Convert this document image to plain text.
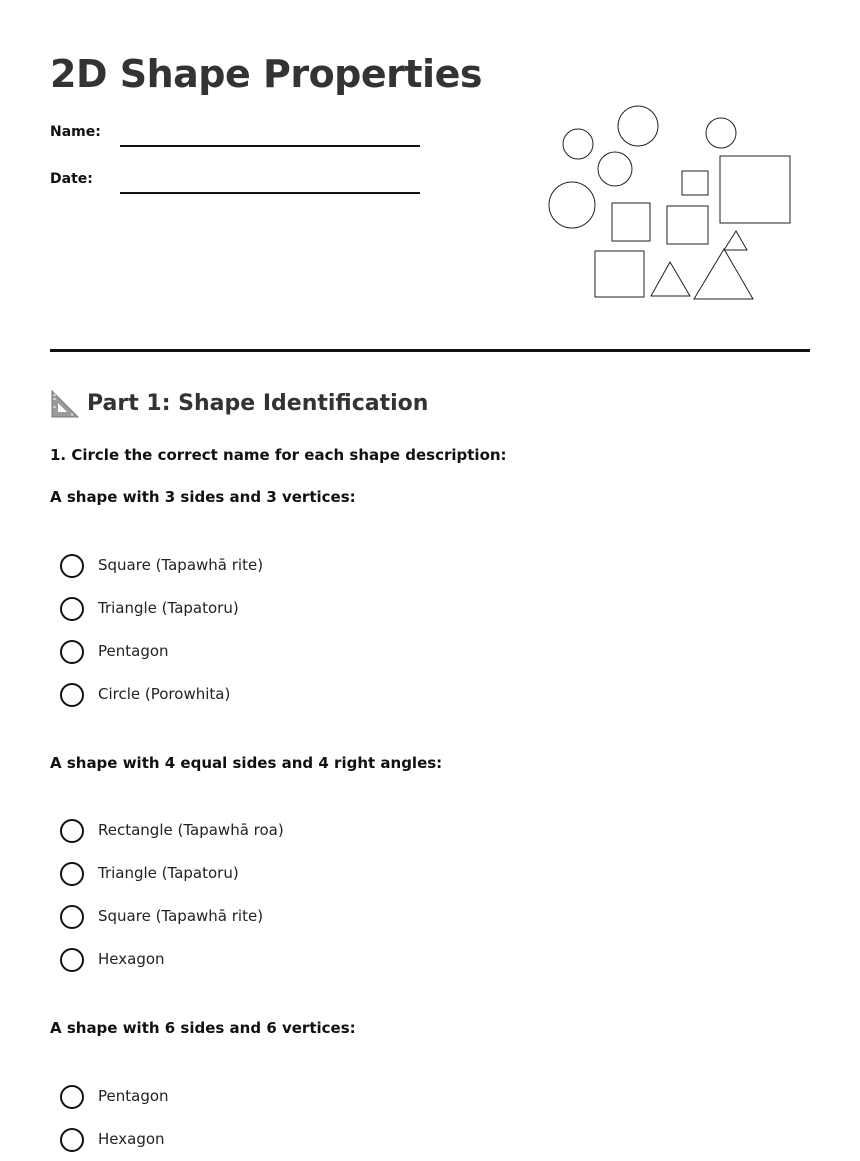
2D Shape Properties
Name:
Date:
Part 1: Shape Identification
1. Circle the correct name for each shape description:
A shape with 3 sides and 3 vertices:
Square (Tapawhā rite)
Triangle (Tapatoru)
Pentagon
Circle (Porowhita)
A shape with 4 equal sides and 4 right angles:
Rectangle (Tapawhā roa)
Triangle (Tapatoru)
Square (Tapawhā rite)
Hexagon
A shape with 6 sides and 6 vertices:
Pentagon
Hexagon
